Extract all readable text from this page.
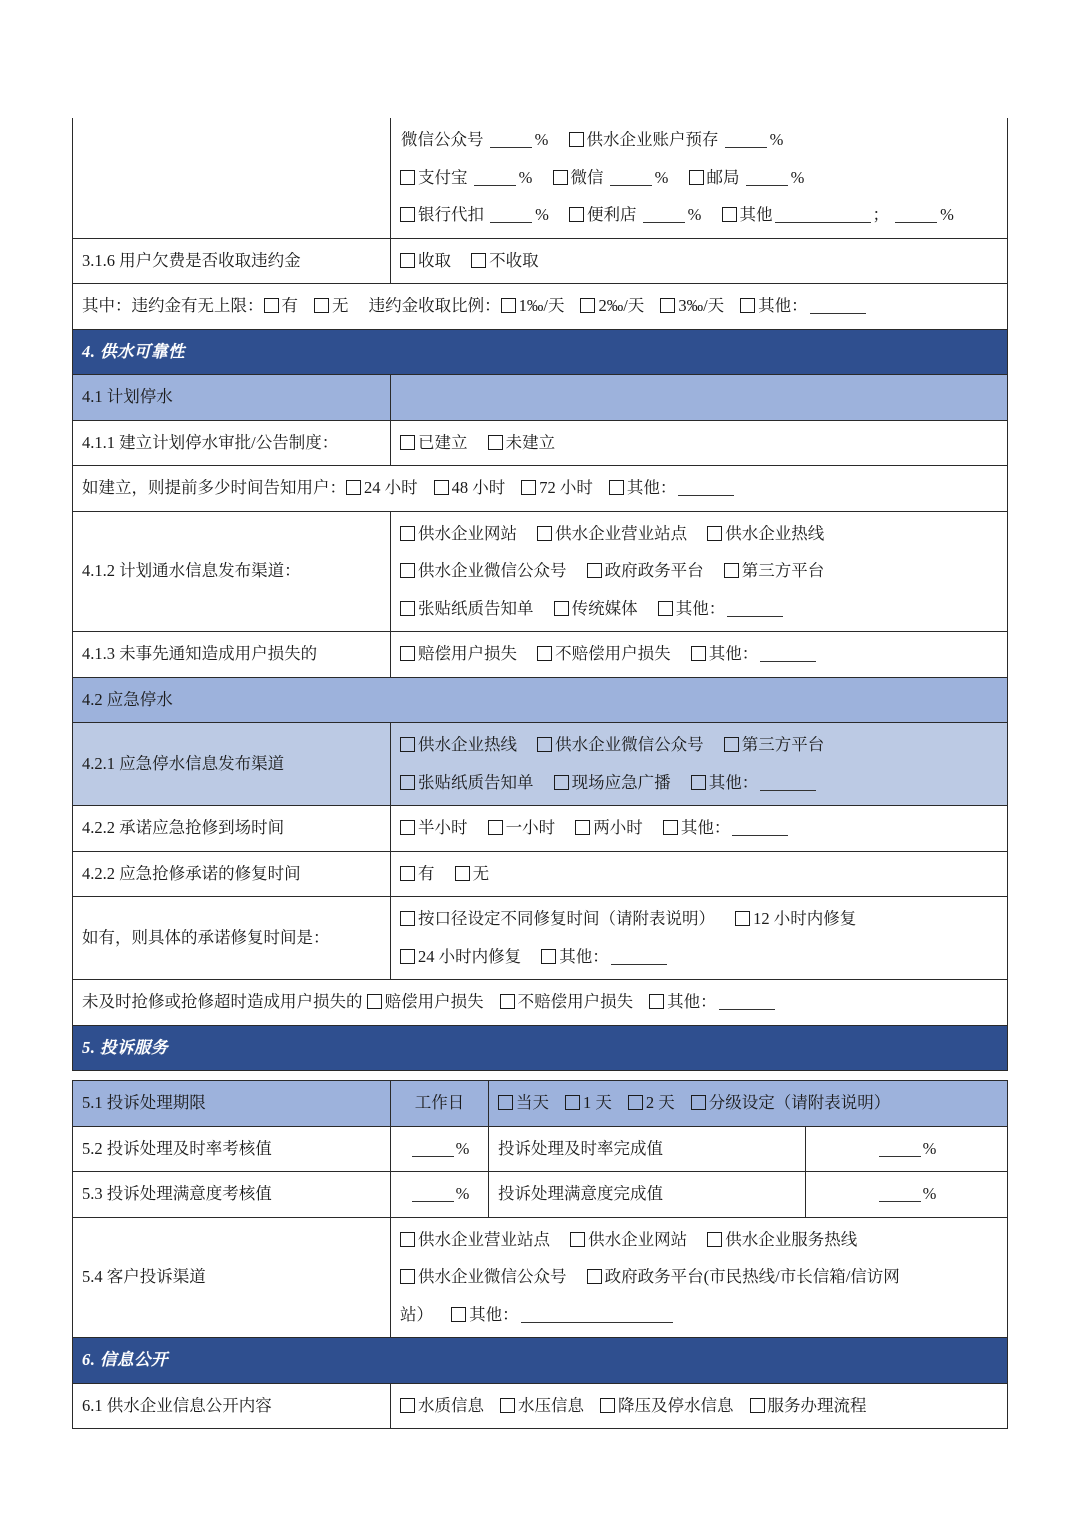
	微信公众号 % 供水企业账户预存 %
支付宝 % 微信 % 邮局 %
银行代扣 % 便利店 % 其他 ； %

3.1.6 用户欠费是否收取违约金	收取 不收取
其中：违约金有无上限： 有 无 违约金收取比例： 1‰/天 2‰/天 3‰/天 其他：	
4. 供水可靠性	
4.1 计划停水	
4.1.1 建立计划停水审批/公告制度：	已建立 未建立
如建立，则提前多少时间告知用户： 24 小时 48 小时 72 小时 其他：	
4.1.2 计划通水信息发布渠道：	供水企业网站 供水企业营业站点 供水企业热线
供水企业微信公众号 政府政务平台 第三方平台
张贴纸质告知单 传统媒体 其他：

4.1.3 未事先通知造成用户损失的	赔偿用户损失 不赔偿用户损失 其他：
4.2 应急停水	
4.2.1 应急停水信息发布渠道	供水企业热线 供水企业微信公众号 第三方平台
张贴纸质告知单 现场应急广播 其他：

4.2.2 承诺应急抢修到场时间	半小时 一小时 两小时 其他：
4.2.2 应急抢修承诺的修复时间	有 无
如有，则具体的承诺修复时间是：	按口径设定不同修复时间（请附表说明） 12 小时内修复
24 小时内修复 其他：

未及时抢修或抢修超时造成用户损失的 赔偿用户损失 不赔偿用户损失 其他：	
5. 投诉服务	
5.1 投诉处理期限	工作日	当天 1 天 2 天 分级设定（请附表说明）	
5.2 投诉处理及时率考核值	%	投诉处理及时率完成值	%
5.3 投诉处理满意度考核值	%	投诉处理满意度完成值	%
5.4 客户投诉渠道	供水企业营业站点 供水企业网站 供水企业服务热线
供水企业微信公众号 政府政务平台(市民热线/市长信箱/信访网
站） 其他：		

6. 信息公开			
6.1 供水企业信息公开内容	水质信息 水压信息 降压及停水信息 服务办理流程		
